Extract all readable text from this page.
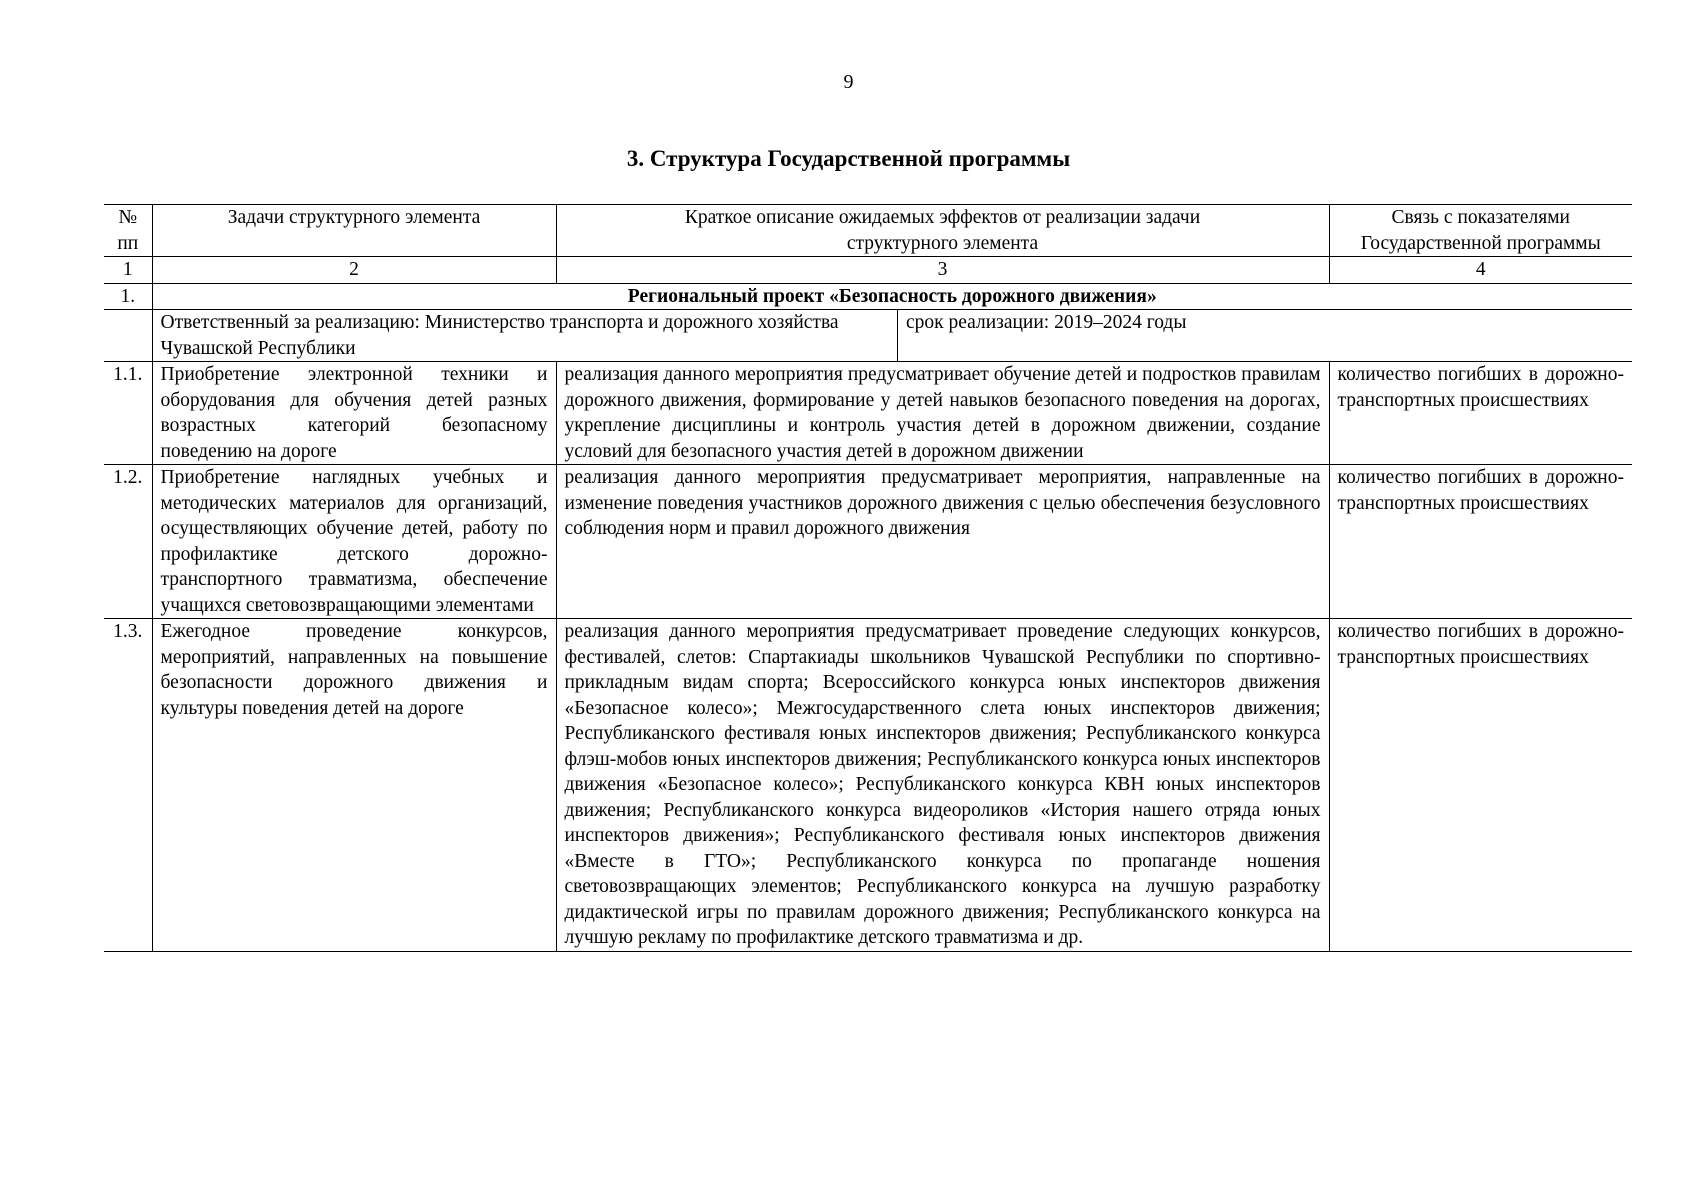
9
3. Структура Государственной программы
№ пп	Задачи структурного элемента	Краткое описание ожидаемых эффектов от реализации задачи структурного элемента	Связь с показателями Государственной программы
1	2	3	4
1.	Региональный проект «Безопасность дорожного движения»

Ответственный за реализацию: Министерство транспорта и дорожного хозяйства Чувашской Республики	срок реализации: 2019–2024 годы

1.1.	Приобретение электронной техники и оборудования для обучения детей разных возрастных категорий безопасному поведению на дороге	реализация данного мероприятия предусматривает обучение детей и подростков правилам дорожного движения, формирование у детей навыков безопасного поведения на дорогах, укрепление дисциплины и контроль участия детей в дорожном движении, создание условий для безопасного участия детей в дорожном движении	количество погибших в дорожно-транспортных происшествиях
1.2.	Приобретение наглядных учебных и методических материалов для организаций, осуществляющих обучение детей, работу по профилактике детского дорожно-транспортного травматизма, обеспечение учащихся световозвращающими элементами	реализация данного мероприятия предусматривает мероприятия, направленные на изменение поведения участников дорожного движения с целью обеспечения безусловного соблюдения норм и правил дорожного движения	количество погибших в дорожно-транспортных происшествиях
1.3.	Ежегодное проведение конкурсов, мероприятий, направленных на повышение безопасности дорожного движения и культуры поведения детей на дороге	реализация данного мероприятия предусматривает проведение следующих конкурсов, фестивалей, слетов: Спартакиады школьников Чувашской Республики по спортивно-прикладным видам спорта; Всероссийского конкурса юных инспекторов движения «Безопасное колесо»; Межгосударственного слета юных инспекторов движения; Республиканского фестиваля юных инспекторов движения; Республиканского конкурса флэш-мобов юных инспекторов движения; Республиканского конкурса юных инспекторов движения «Безопасное колесо»; Республиканского конкурса КВН юных инспекторов движения; Республиканского конкурса видеороликов «История нашего отряда юных инспекторов движения»; Республиканского фестиваля юных инспекторов движения «Вместе в ГТО»; Республиканского конкурса по пропаганде ношения световозвращающих элементов; Республиканского конкурса на лучшую разработку дидактической игры по правилам дорожного движения; Республиканского конкурса на лучшую рекламу по профилактике детского травматизма и др.	количество погибших в дорожно-транспортных происшествиях
